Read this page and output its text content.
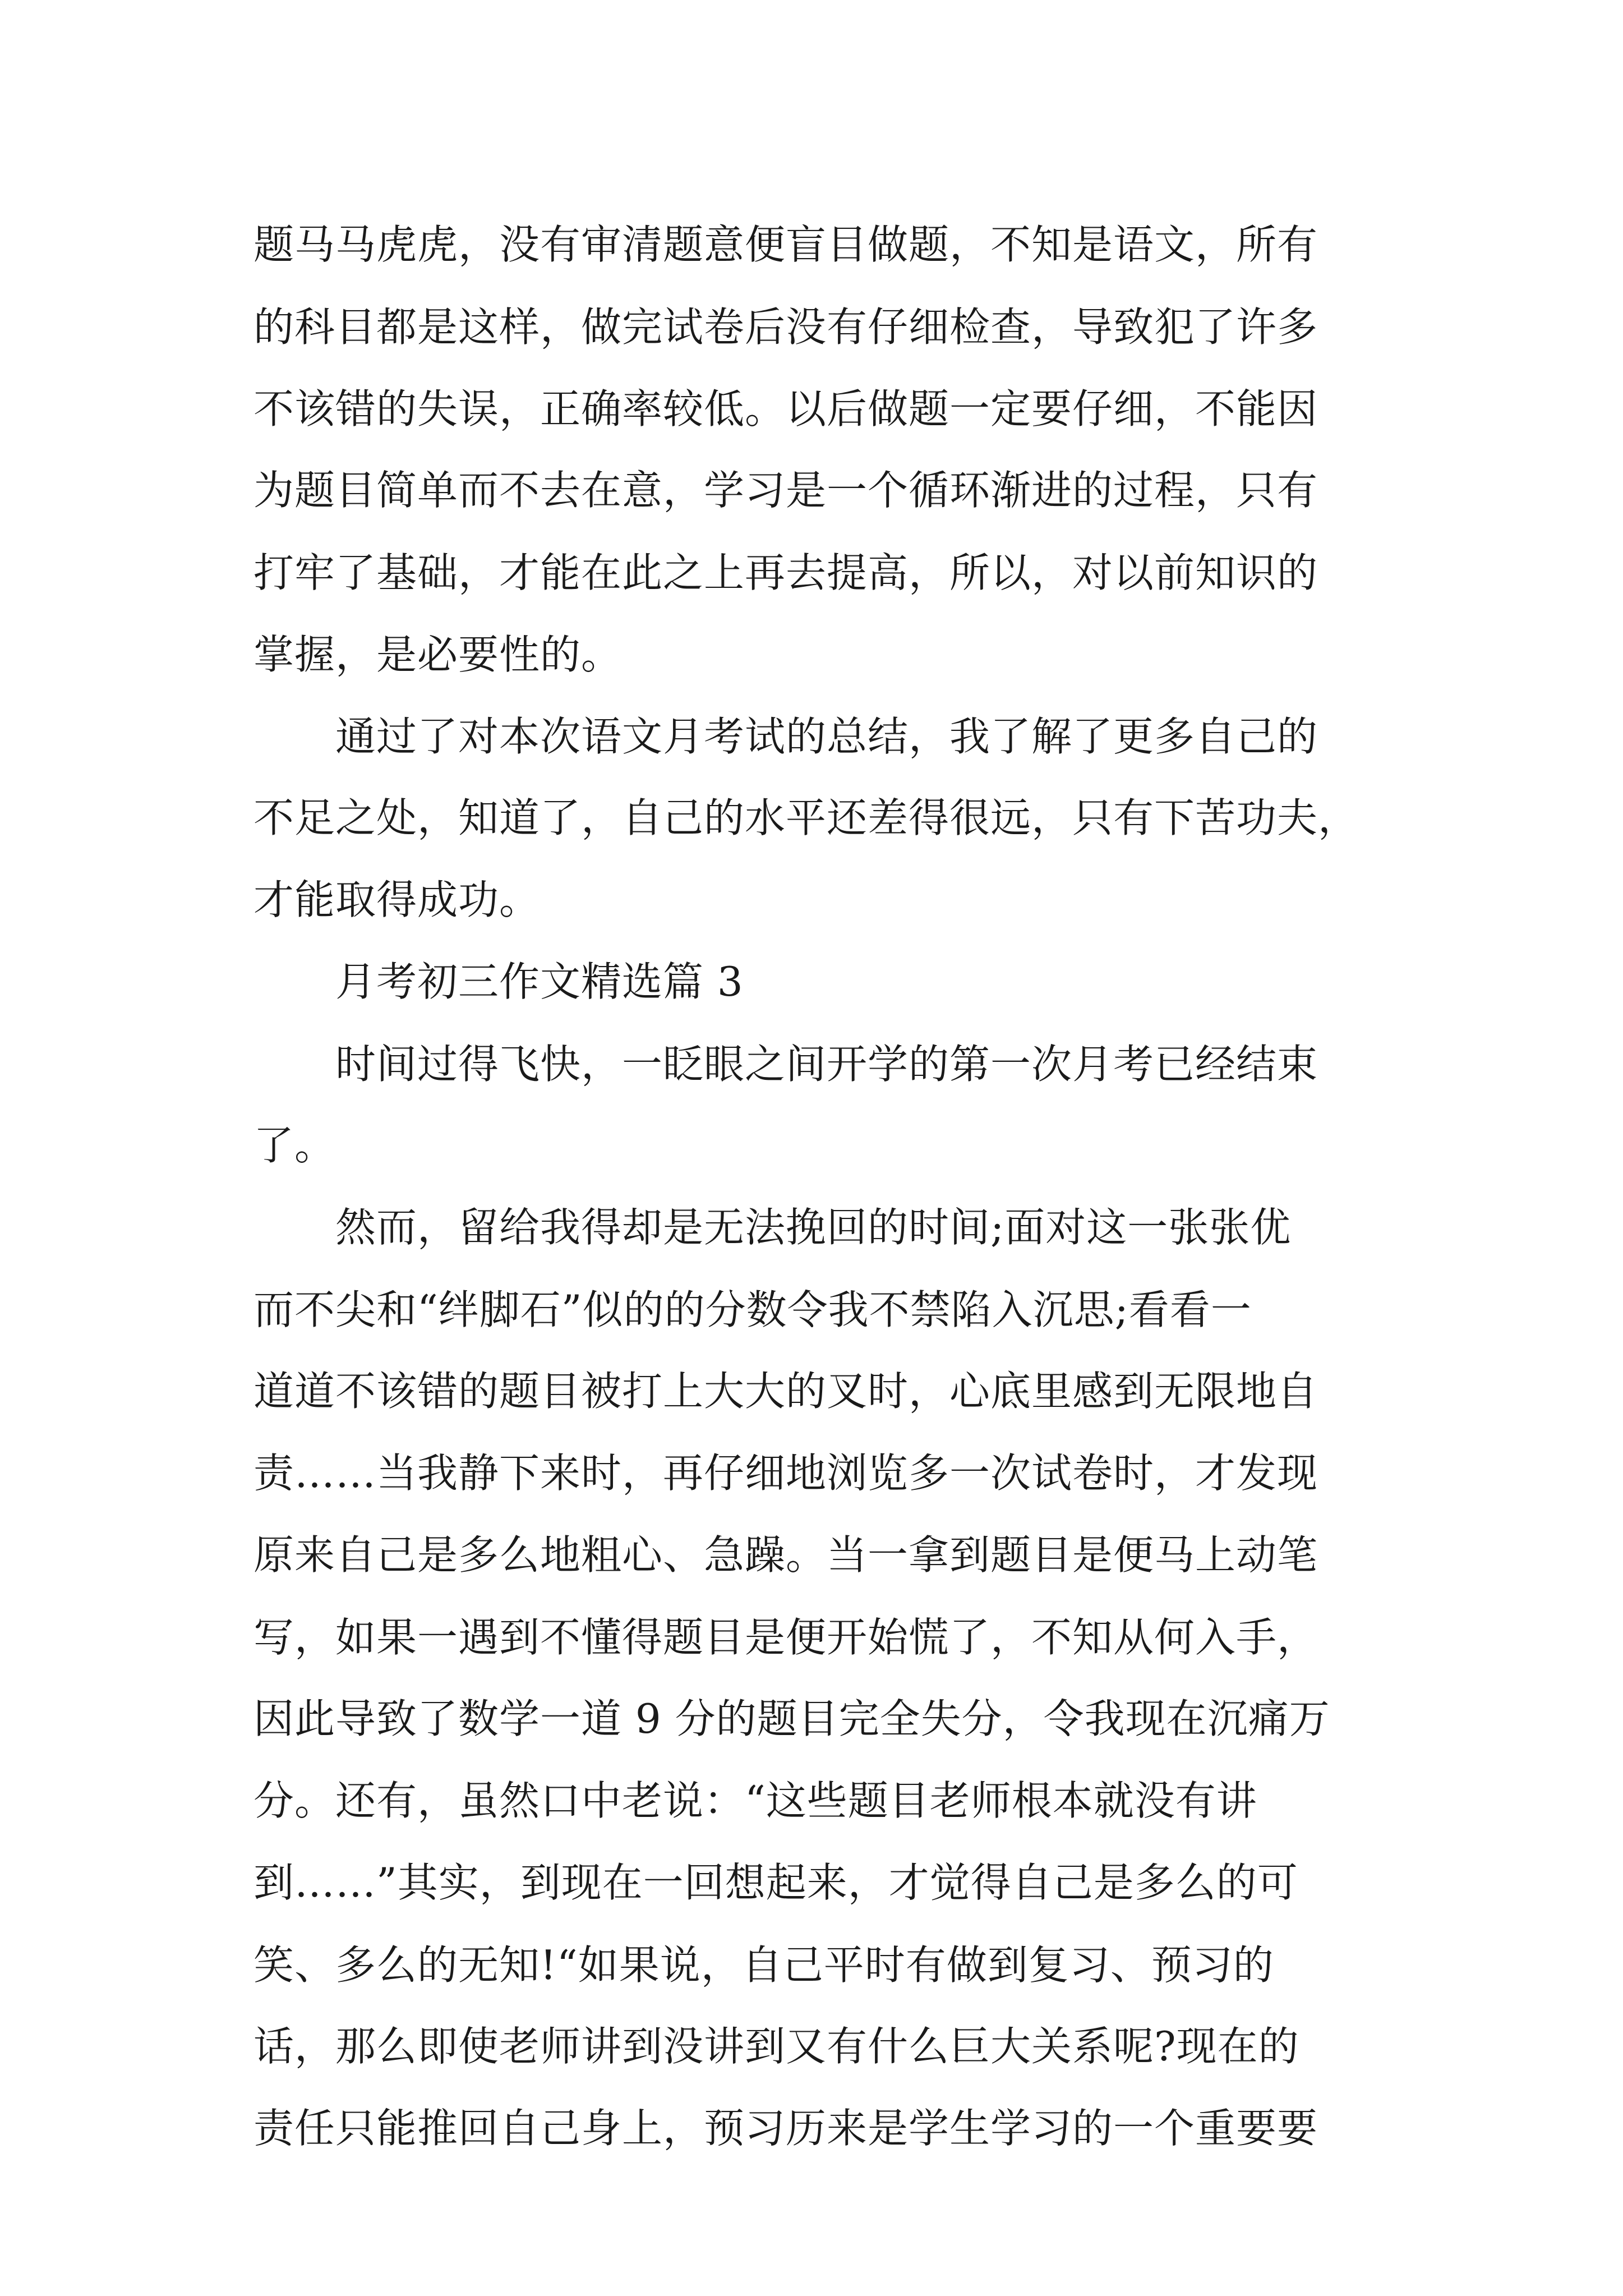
题马马虎虎，没有审清题意便盲目做题，不知是语文，所有
的科目都是这样，做完试卷后没有仔细检查，导致犯了许多
不该错的失误，正确率较低。以后做题一定要仔细，不能因
为题目简单而不去在意，学习是一个循环渐进的过程，只有
打牢了基础，才能在此之上再去提高，所以，对以前知识的
掌握，是必要性的。
通过了对本次语文月考试的总结，我了解了更多自己的
不足之处，知道了，自己的水平还差得很远，只有下苦功夫，
才能取得成功。
月考初三作文精选篇 3
时间过得飞快，一眨眼之间开学的第一次月考已经结束
了。
然而，留给我得却是无法挽回的时间;面对这一张张优
而不尖和“绊脚石”似的的分数令我不禁陷入沉思;看看一
道道不该错的题目被打上大大的叉时，心底里感到无限地自
责……当我静下来时，再仔细地浏览多一次试卷时，才发现
原来自己是多么地粗心、急躁。当一拿到题目是便马上动笔
写，如果一遇到不懂得题目是便开始慌了，不知从何入手，
因此导致了数学一道 9 分的题目完全失分，令我现在沉痛万
分。还有，虽然口中老说：“这些题目老师根本就没有讲
到……”其实，到现在一回想起来，才觉得自己是多么的可
笑、多么的无知!“如果说，自己平时有做到复习、预习的
话，那么即使老师讲到没讲到又有什么巨大关系呢?现在的
责任只能推回自己身上，预习历来是学生学习的一个重要要
